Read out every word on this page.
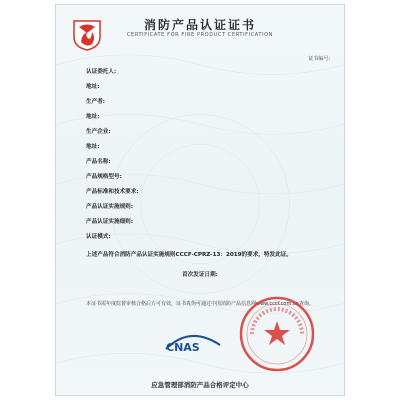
消防产品认证证书
CERTIFICATE FOR FIRE PRODUCT CERTIFICATION
证书编号:
认证委托人:
地址:
生产者:
地址:
生产企业:
地址:
产品名称:
产品规格型号:
产品标准和技术要求:
产品认证实施规则:
产品认证实施细则:
认证模式:
上述产品符合消防产品认证实施规则CCCF-CPRZ-13：2019的要求，特发此证。
首次发证日期:
本证书需年度监督审核合格后方可有效，证书真伪可通过中国消防产品信息网www.cccf.com.cn查询。
CNAS
应急管理部消防产品合格评定中心
